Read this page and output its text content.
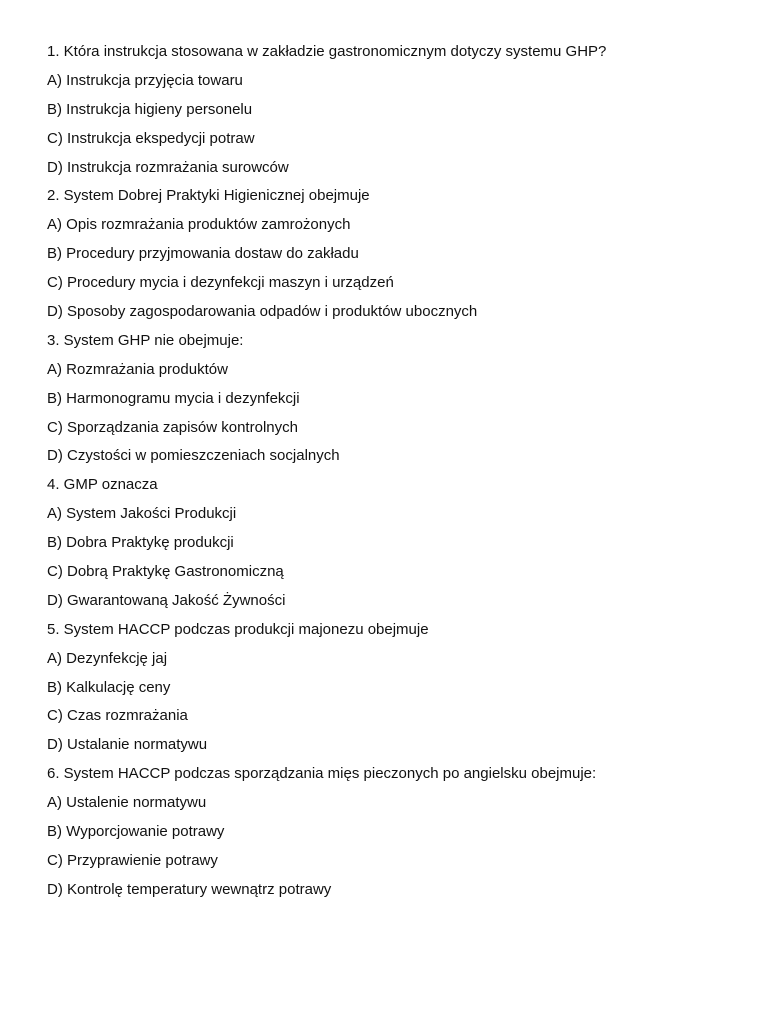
1. Która instrukcja stosowana w zakładzie gastronomicznym dotyczy systemu GHP?
A) Instrukcja przyjęcia towaru
B) Instrukcja higieny personelu
C) Instrukcja ekspedycji potraw
D) Instrukcja rozmrażania surowców
2. System Dobrej Praktyki Higienicznej obejmuje
A) Opis rozmrażania produktów zamrożonych
B) Procedury przyjmowania dostaw do zakładu
C) Procedury mycia i dezynfekcji maszyn i urządzeń
D) Sposoby zagospodarowania odpadów i produktów ubocznych
3. System GHP nie obejmuje:
A) Rozmrażania produktów
B) Harmonogramu mycia i dezynfekcji
C) Sporządzania zapisów kontrolnych
D) Czystości w pomieszczeniach socjalnych
4. GMP oznacza
A) System Jakości Produkcji
B) Dobra Praktykę produkcji
C) Dobrą Praktykę Gastronomiczną
D) Gwarantowaną Jakość Żywności
5. System HACCP podczas produkcji majonezu obejmuje
A) Dezynfekcję jaj
B) Kalkulację ceny
C) Czas rozmrażania
D) Ustalanie normatywu
6. System HACCP podczas sporządzania mięs pieczonych po angielsku obejmuje:
A) Ustalenie normatywu
B) Wyporcjowanie potrawy
C) Przyprawienie potrawy
D) Kontrolę temperatury wewnątrz potrawy
